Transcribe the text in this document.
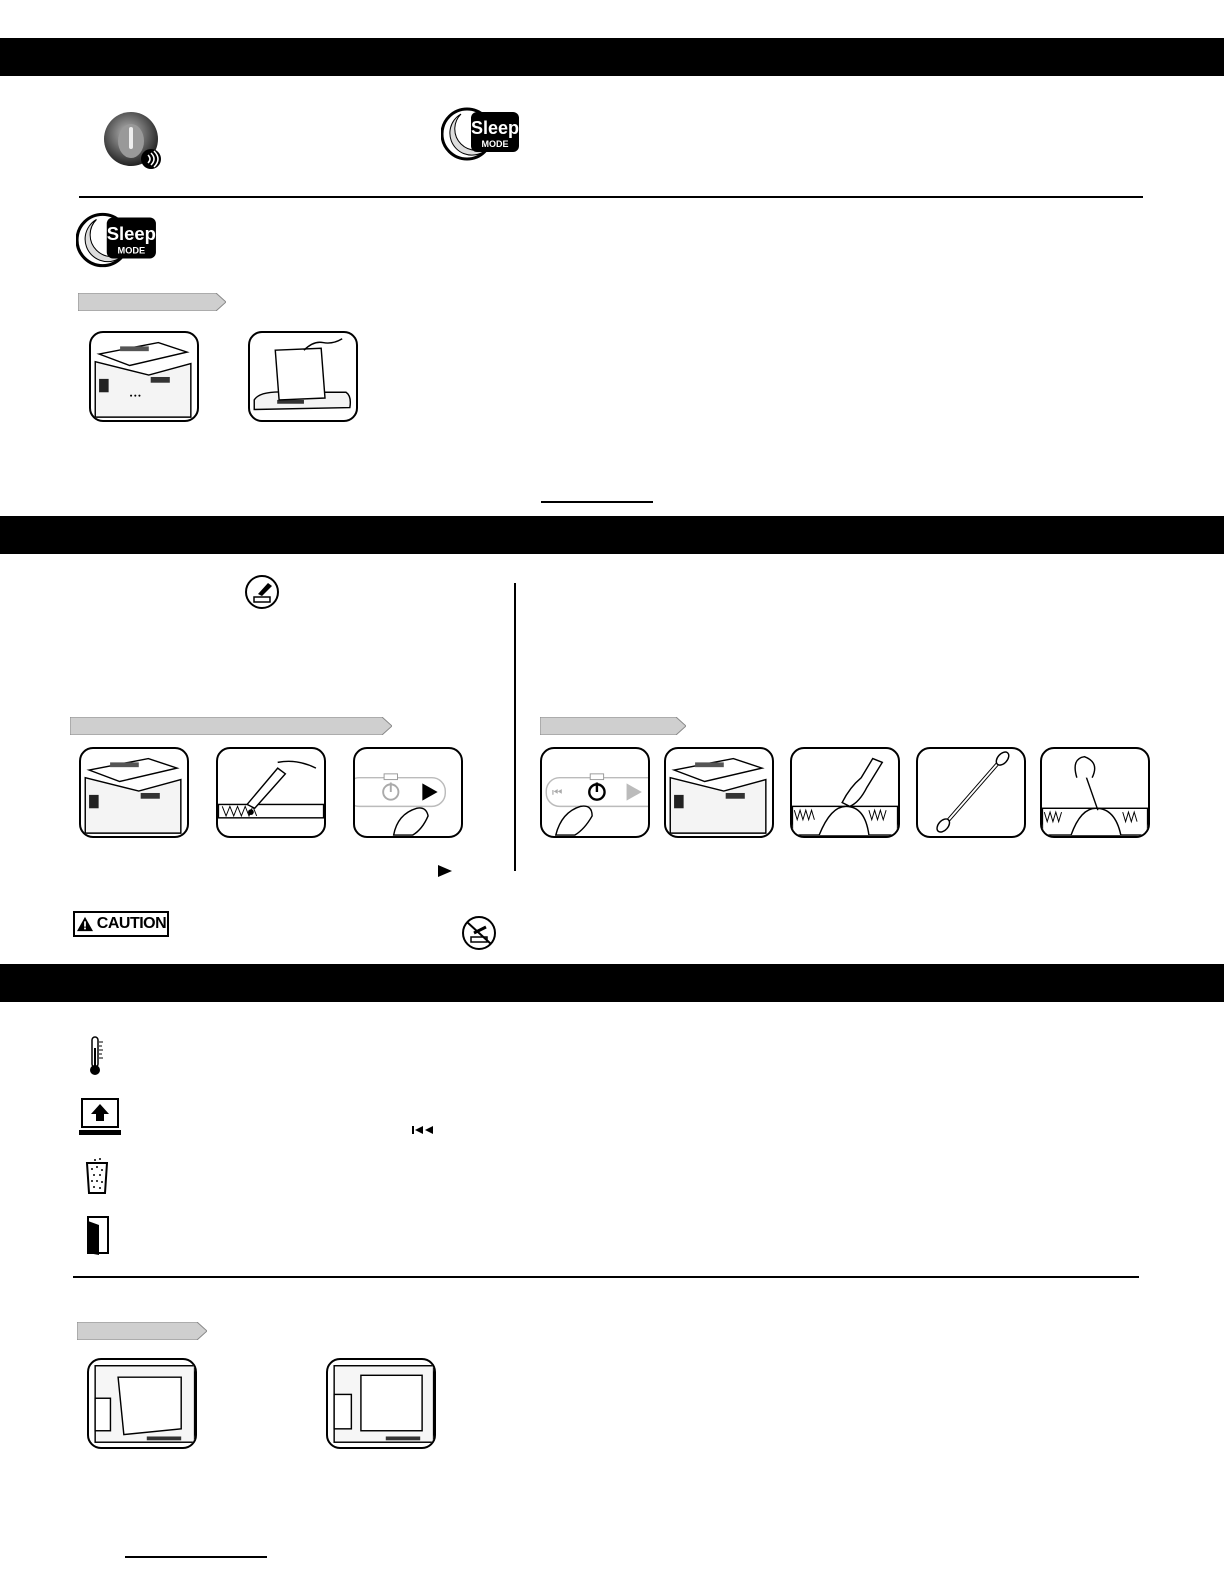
Sleep
MODE
Sleep
MODE
● ● ●
⏮
CAUTION
